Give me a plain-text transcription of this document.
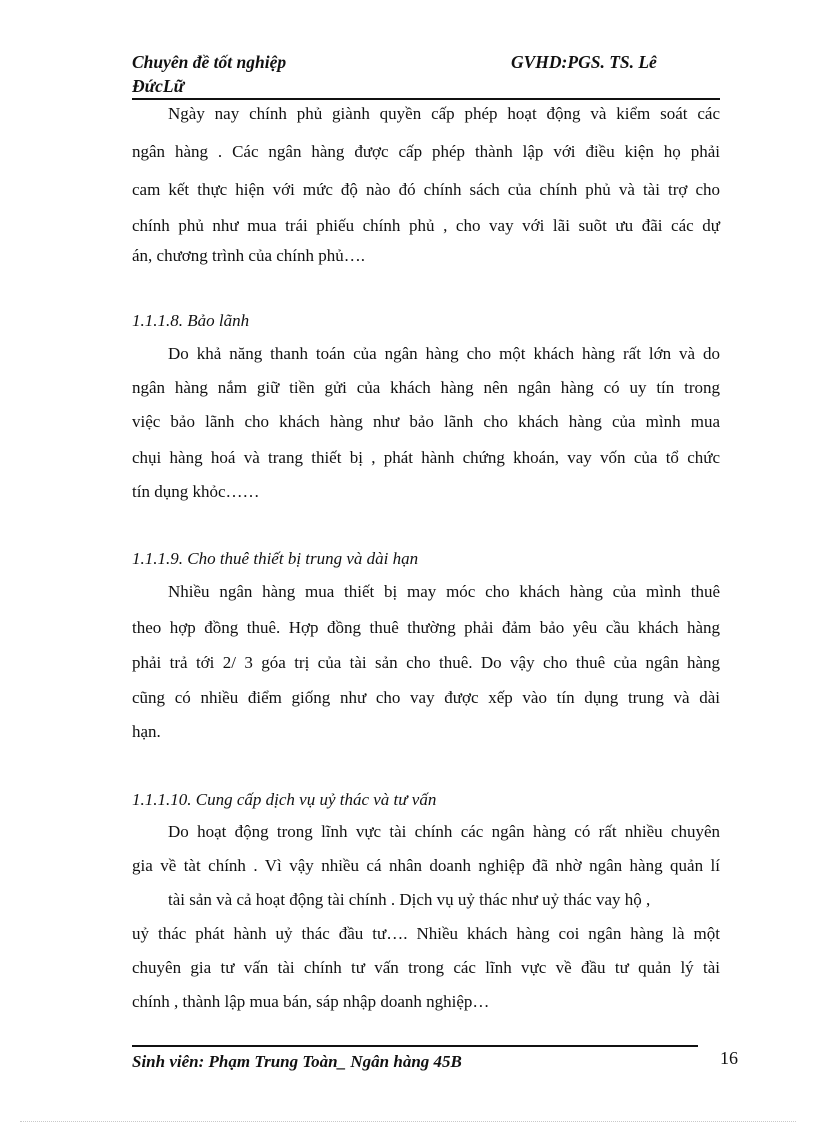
Chuyên đề tốt nghiệp	GVHD:PGS. TS. Lê
ĐứcLữ
Ngày nay chính phủ giành quyền cấp phép hoạt động và kiểm soát các
ngân hàng . Các ngân hàng được cấp phép thành lập với điều kiện họ phải
cam kết thực hiện với mức độ nào đó chính sách của chính phủ và tài trợ cho
chính phủ như mua trái phiếu chính phủ , cho vay với lãi suõt ưu đãi các dự
án, chương trình của chính phủ….
1.1.1.8. Bảo lãnh
Do khả năng thanh toán của ngân hàng cho một khách hàng rất lớn và do
ngân hàng nắm giữ tiền gửi của khách hàng nên ngân hàng có uy tín trong
việc bảo lãnh cho khách hàng như bảo lãnh cho khách hàng của mình mua
chụi hàng hoá và trang thiết bị , phát hành chứng khoán, vay vốn của tổ chức
tín dụng khỏc……
1.1.1.9. Cho thuê thiết bị trung và dài hạn
Nhiều ngân hàng mua thiết bị may móc cho khách hàng của mình thuê
theo hợp đồng thuê. Hợp đồng thuê thường phải đảm bảo yêu cầu khách hàng
phải trả tới 2/ 3 góa trị của tài sản cho thuê. Do vậy cho thuê của ngân hàng
cũng có nhiều điểm giống như cho vay được xếp vào tín dụng trung và dài
hạn.
1.1.1.10. Cung cấp dịch vụ uỷ thác và tư vấn
Do hoạt động trong lĩnh vực tài chính các ngân hàng có rất nhiều chuyên
gia về tàt chính . Vì vậy nhiều cá nhân doanh nghiệp đã nhờ ngân hàng quản lí
tài sản và cả hoạt động tài chính . Dịch vụ uỷ thác như uỷ thác vay hộ ,
uỷ thác phát hành uỷ thác đầu tư…. Nhiều khách hàng coi ngân hàng là một
chuyên gia tư vấn tài chính tư vấn trong các lĩnh vực về đầu tư quản lý tài
chính , thành lập mua bán, sáp nhập doanh nghiệp…
Sinh viên: Phạm Trung Toàn_ Ngân hàng 45B	16
